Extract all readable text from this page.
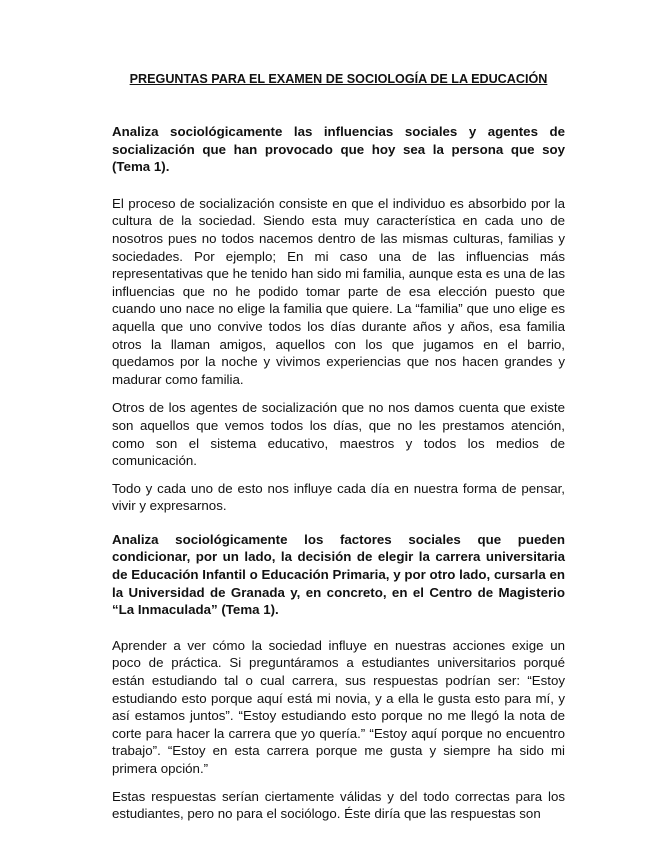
PREGUNTAS PARA EL EXAMEN DE SOCIOLOGÍA DE LA EDUCACIÓN
Analiza sociológicamente las influencias sociales y agentes de socialización que han provocado que hoy sea la persona que soy (Tema 1).
El proceso de socialización consiste en que el individuo es absorbido por la cultura de la sociedad. Siendo esta muy característica en cada uno de nosotros pues no todos nacemos dentro de las mismas culturas, familias y sociedades. Por ejemplo; En mi caso una de las influencias más representativas que he tenido han sido mi familia, aunque esta es una de las influencias que no he podido tomar parte de esa elección puesto que cuando uno nace no elige la familia que quiere. La “familia” que uno elige es aquella que uno convive todos los días durante años y años, esa familia otros la llaman amigos, aquellos con los que jugamos en el barrio, quedamos por la noche y vivimos experiencias que nos hacen grandes y madurar como familia.
Otros de los agentes de socialización que no nos damos cuenta que existe son aquellos que vemos todos los días, que no les prestamos atención, como son el sistema educativo, maestros y todos los medios de comunicación.
Todo y cada uno de esto nos influye cada día en nuestra forma de pensar, vivir y expresarnos.
Analiza sociológicamente los factores sociales que pueden condicionar, por un lado, la decisión de elegir la carrera universitaria de Educación Infantil o Educación Primaria, y por otro lado, cursarla en la Universidad de Granada y, en concreto, en el Centro de Magisterio “La Inmaculada” (Tema 1).
Aprender a ver cómo la sociedad influye en nuestras acciones exige un poco de práctica. Si preguntáramos a estudiantes universitarios porqué están estudiando tal o cual carrera, sus respuestas podrían ser: “Estoy estudiando esto porque aquí está mi novia, y a ella le gusta esto para mí, y así estamos juntos”. “Estoy estudiando esto porque no me llegó la nota de corte para hacer la carrera que yo quería.” “Estoy aquí porque no encuentro trabajo”. “Estoy en esta carrera porque me gusta y siempre ha sido mi primera opción.”
Estas respuestas serían ciertamente válidas y del todo correctas para los estudiantes, pero no para el sociólogo. Éste diría que las respuestas son
